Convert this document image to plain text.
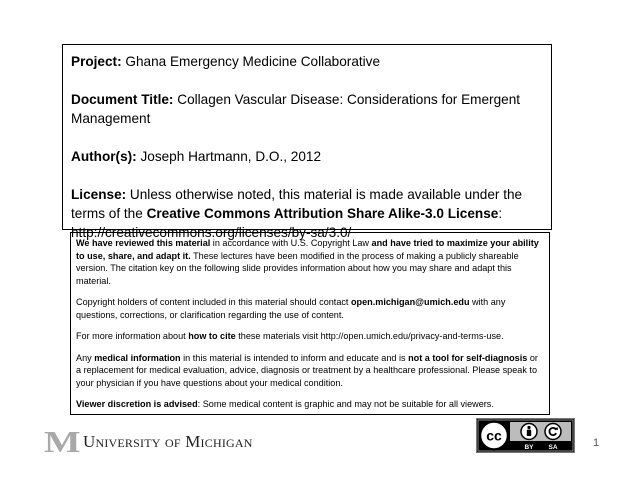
Project: Ghana Emergency Medicine Collaborative

Document Title: Collagen Vascular Disease: Considerations for Emergent Management

Author(s): Joseph Hartmann, D.O., 2012

License: Unless otherwise noted, this material is made available under the terms of the Creative Commons Attribution Share Alike-3.0 License: http://creativecommons.org/licenses/by-sa/3.0/

We have reviewed this material in accordance with U.S. Copyright Law and have tried to maximize your ability to use, share, and adapt it. These lectures have been modified in the process of making a publicly shareable version. The citation key on the following slide provides information about how you may share and adapt this material.

Copyright holders of content included in this material should contact open.michigan@umich.edu with any questions, corrections, or clarification regarding the use of content.

For more information about how to cite these materials visit http://open.umich.edu/privacy-and-terms-use.

Any medical information in this material is intended to inform and educate and is not a tool for self-diagnosis or a replacement for medical evaluation, advice, diagnosis or treatment by a healthcare professional. Please speak to your physician if you have questions about your medical condition.

Viewer discretion is advised: Some medical content is graphic and may not be suitable for all viewers.

M University of Michigan	cc
BY SA	1
